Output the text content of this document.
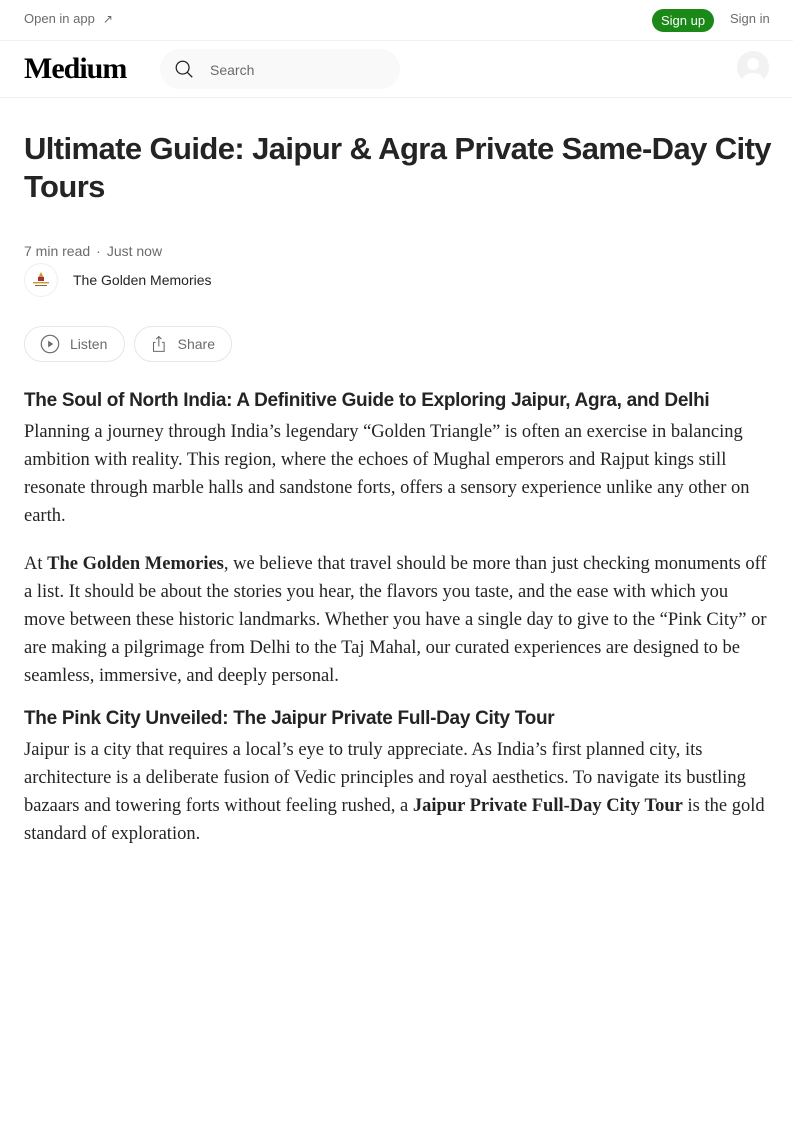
Open in app ↗	Sign up	Sign in
Medium
Search
Ultimate Guide: Jaipur & Agra Private Same-Day City Tours
7 min read · Just now
The Golden Memories
Listen	Share
The Soul of North India: A Definitive Guide to Exploring Jaipur, Agra, and Delhi

Planning a journey through India’s legendary “Golden Triangle” is often an exercise in balancing ambition with reality. This region, where the echoes of Mughal emperors and Rajput kings still resonate through marble halls and sandstone forts, offers a sensory experience unlike any other on earth.

At The Golden Memories, we believe that travel should be more than just checking monuments off a list. It should be about the stories you hear, the flavors you taste, and the ease with which you move between these historic landmarks. Whether you have a single day to give to the “Pink City” or are making a pilgrimage from Delhi to the Taj Mahal, our curated experiences are designed to be seamless, immersive, and deeply personal.

The Pink City Unveiled: The Jaipur Private Full-Day City Tour

Jaipur is a city that requires a local’s eye to truly appreciate. As India’s first planned city, its architecture is a deliberate fusion of Vedic principles and royal aesthetics. To navigate its bustling bazaars and towering forts without feeling rushed, a Jaipur Private Full-Day City Tour is the gold standard of exploration.
